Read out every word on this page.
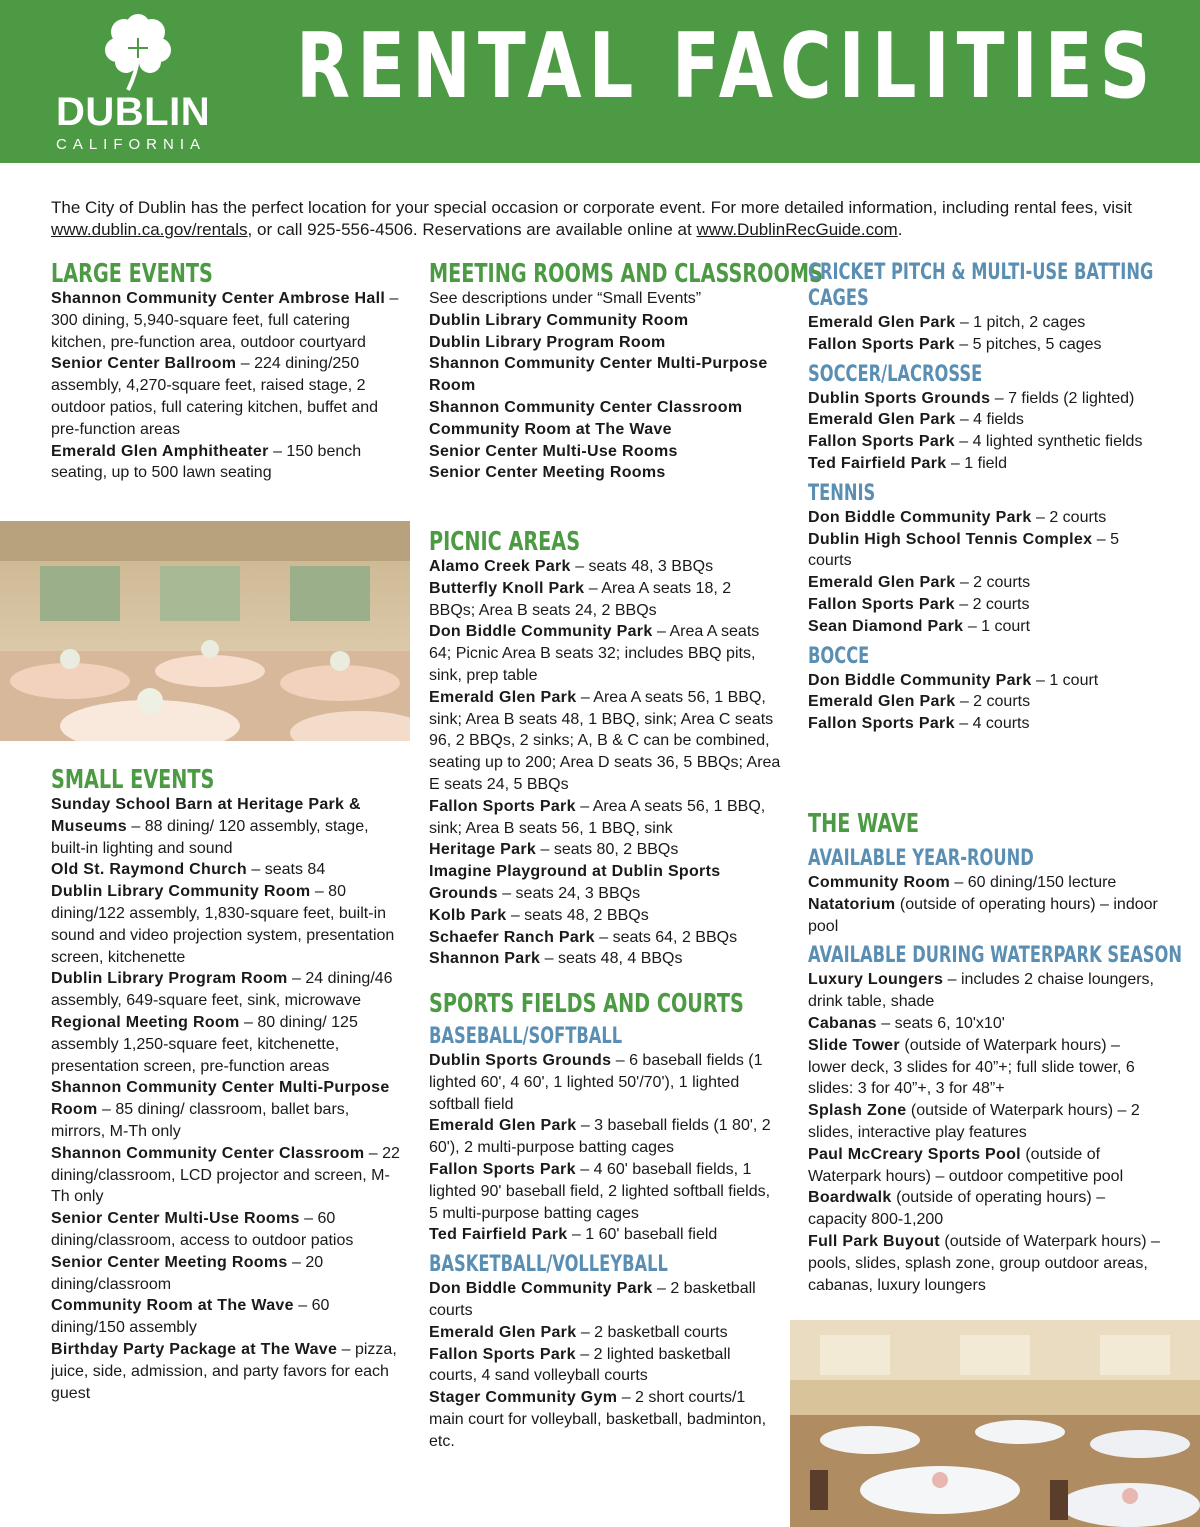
DUBLIN
CALIFORNIA
RENTAL FACILITIES
The City of Dublin has the perfect location for your special occasion or corporate event. For more detailed information, including rental fees, visit www.dublin.ca.gov/rentals, or call 925-556-4506. Reservations are available online at www.DublinRecGuide.com.
LARGE EVENTS

Shannon Community Center Ambrose Hall – 300 dining, 5,940-square feet, full catering kitchen, pre-function area, outdoor courtyard

Senior Center Ballroom – 224 dining/250 assembly, 4,270-square feet, raised stage, 2 outdoor patios, full catering kitchen, buffet and pre-function areas

Emerald Glen Amphitheater – 150 bench seating, up to 500 lawn seating

SMALL EVENTS

Sunday School Barn at Heritage Park & Museums – 88 dining/ 120 assembly, stage, built-in lighting and sound

Old St. Raymond Church – seats 84

Dublin Library Community Room – 80 dining/122 assembly, 1,830-square feet, built-in sound and video projection system, presentation screen, kitchenette

Dublin Library Program Room – 24 dining/46 assembly, 649-square feet, sink, microwave

Regional Meeting Room – 80 dining/ 125 assembly 1,250-square feet, kitchenette, presentation screen, pre-function areas

Shannon Community Center Multi-Purpose Room – 85 dining/ classroom, ballet bars, mirrors, M-Th only

Shannon Community Center Classroom – 22 dining/classroom, LCD projector and screen, M-Th only

Senior Center Multi-Use Rooms – 60 dining/classroom, access to outdoor patios

Senior Center Meeting Rooms – 20 dining/classroom

Community Room at The Wave – 60 dining/150 assembly

Birthday Party Package at The Wave – pizza, juice, side, admission, and party favors for each guest

MEETING ROOMS AND CLASSROOMS

See descriptions under “Small Events”

Dublin Library Community Room

Dublin Library Program Room

Shannon Community Center Multi-Purpose Room

Shannon Community Center Classroom

Community Room at The Wave

Senior Center Multi-Use Rooms

Senior Center Meeting Rooms

PICNIC AREAS

Alamo Creek Park – seats 48, 3 BBQs

Butterfly Knoll Park – Area A seats 18, 2 BBQs; Area B seats 24, 2 BBQs

Don Biddle Community Park – Area A seats 64; Picnic Area B seats 32; includes BBQ pits, sink, prep table

Emerald Glen Park – Area A seats 56, 1 BBQ, sink; Area B seats 48, 1 BBQ, sink; Area C seats 96, 2 BBQs, 2 sinks; A, B & C can be combined, seating up to 200; Area D seats 36, 5 BBQs; Area E seats 24, 5 BBQs

Fallon Sports Park – Area A seats 56, 1 BBQ, sink; Area B seats 56, 1 BBQ, sink

Heritage Park – seats 80, 2 BBQs

Imagine Playground at Dublin Sports Grounds – seats 24, 3 BBQs

Kolb Park – seats 48, 2 BBQs

Schaefer Ranch Park – seats 64, 2 BBQs

Shannon Park – seats 48, 4 BBQs

SPORTS FIELDS AND COURTS
BASEBALL/SOFTBALL

Dublin Sports Grounds – 6 baseball fields (1 lighted 60', 4 60', 1 lighted 50'/70'), 1 lighted softball field

Emerald Glen Park – 3 baseball fields (1 80', 2 60'), 2 multi-purpose batting cages

Fallon Sports Park – 4 60' baseball fields, 1 lighted 90' baseball field, 2 lighted softball fields, 5 multi-purpose batting cages

Ted Fairfield Park – 1 60' baseball field

BASKETBALL/VOLLEYBALL

Don Biddle Community Park – 2 basketball courts

Emerald Glen Park – 2 basketball courts

Fallon Sports Park – 2 lighted basketball courts, 4 sand volleyball courts

Stager Community Gym – 2 short courts/1 main court for volleyball, basketball, badminton, etc.

CRICKET PITCH & MULTI-USE BATTING CAGES

Emerald Glen Park – 1 pitch, 2 cages

Fallon Sports Park – 5 pitches, 5 cages

SOCCER/LACROSSE

Dublin Sports Grounds – 7 fields (2 lighted)

Emerald Glen Park – 4 fields

Fallon Sports Park – 4 lighted synthetic fields

Ted Fairfield Park – 1 field

TENNIS

Don Biddle Community Park – 2 courts

Dublin High School Tennis Complex – 5 courts

Emerald Glen Park – 2 courts

Fallon Sports Park – 2 courts

Sean Diamond Park – 1 court

BOCCE

Don Biddle Community Park – 1 court

Emerald Glen Park – 2 courts

Fallon Sports Park – 4 courts

THE WAVE
AVAILABLE YEAR-ROUND

Community Room – 60 dining/150 lecture

Natatorium (outside of operating hours) – indoor pool

AVAILABLE DURING WATERPARK SEASON

Luxury Loungers – includes 2 chaise loungers, drink table, shade

Cabanas – seats 6, 10'x10'

Slide Tower (outside of Waterpark hours) – lower deck, 3 slides for 40”+; full slide tower, 6 slides: 3 for 40”+, 3 for 48”+

Splash Zone (outside of Waterpark hours) – 2 slides, interactive play features

Paul McCreary Sports Pool (outside of Waterpark hours) – outdoor competitive pool

Boardwalk (outside of operating hours) – capacity 800-1,200

Full Park Buyout (outside of Waterpark hours) – pools, slides, splash zone, group outdoor areas, cabanas, luxury loungers
